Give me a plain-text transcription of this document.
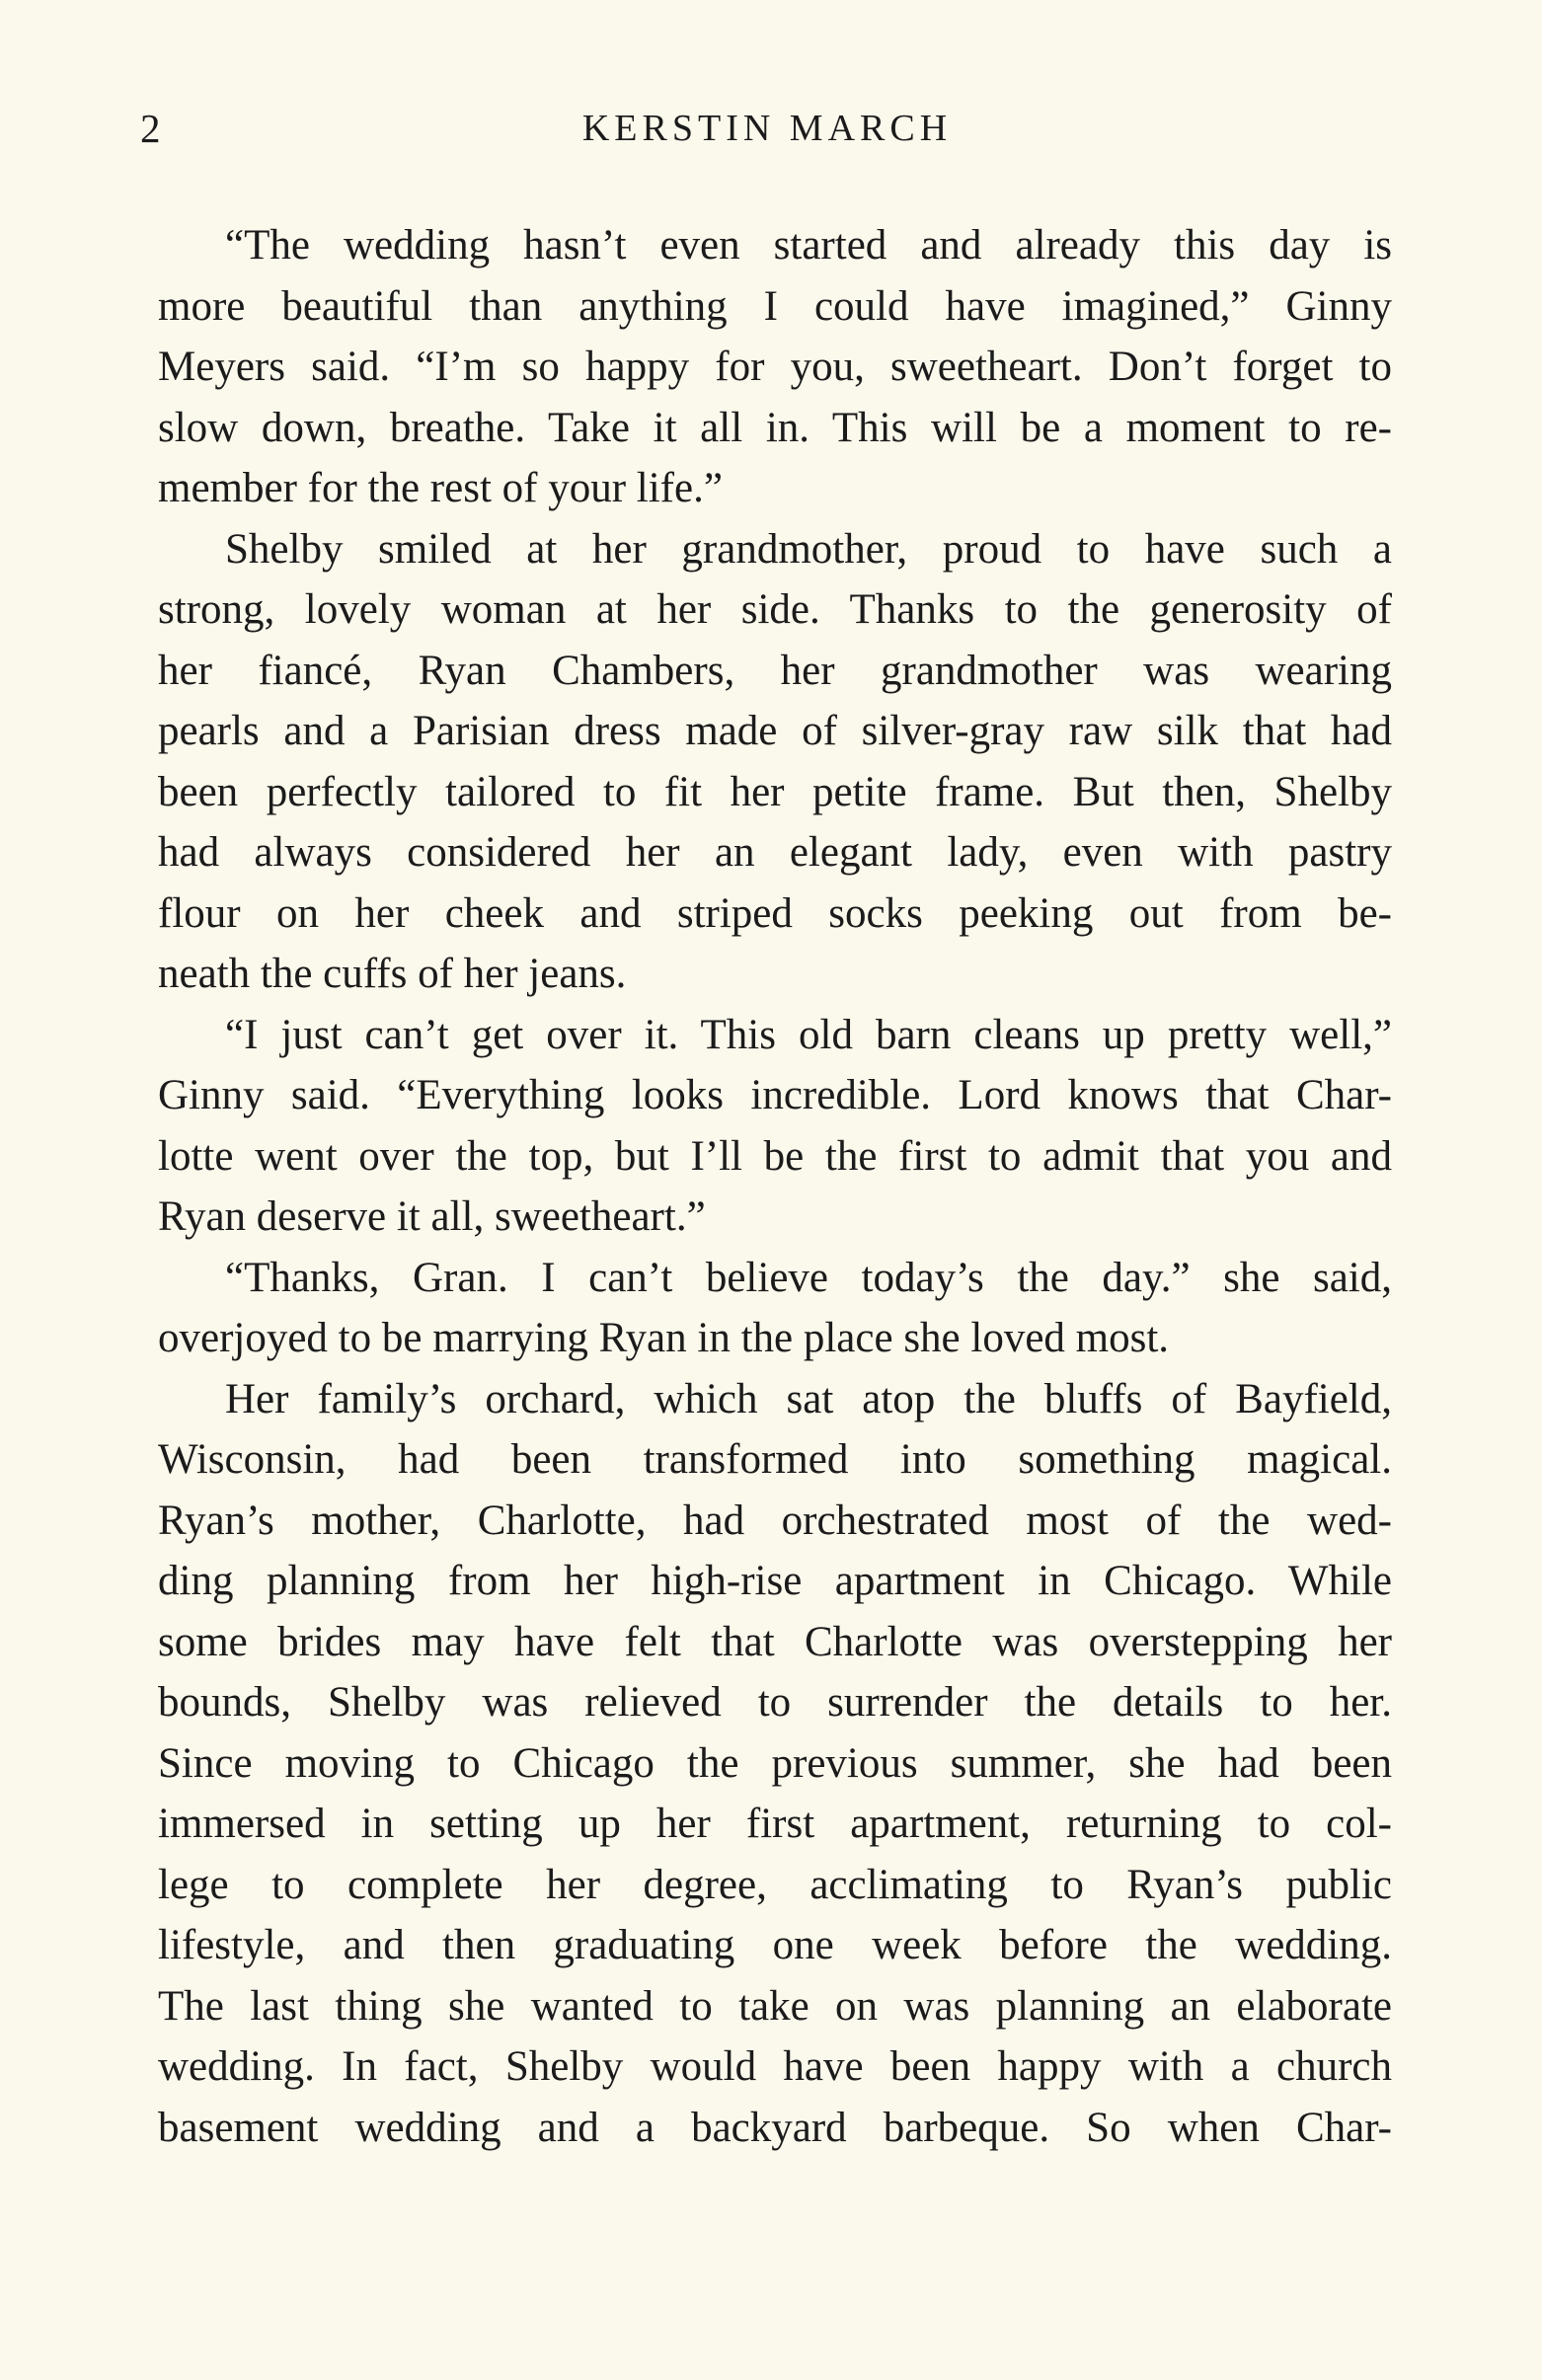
2	KERSTIN MARCH
“The wedding hasn’t even started and already this day is
more beautiful than anything I could have imagined,” Ginny
Meyers said. “I’m so happy for you, sweetheart. Don’t forget to
slow down, breathe. Take it all in. This will be a moment to re-
member for the rest of your life.”
Shelby smiled at her grandmother, proud to have such a
strong, lovely woman at her side. Thanks to the generosity of
her fiancé, Ryan Chambers, her grandmother was wearing
pearls and a Parisian dress made of silver-gray raw silk that had
been perfectly tailored to fit her petite frame. But then, Shelby
had always considered her an elegant lady, even with pastry
flour on her cheek and striped socks peeking out from be-
neath the cuffs of her jeans.
“I just can’t get over it. This old barn cleans up pretty well,”
Ginny said. “Everything looks incredible. Lord knows that Char-
lotte went over the top, but I’ll be the first to admit that you and
Ryan deserve it all, sweetheart.”
“Thanks, Gran. I can’t believe today’s the day.” she said,
overjoyed to be marrying Ryan in the place she loved most.
Her family’s orchard, which sat atop the bluffs of Bayfield,
Wisconsin, had been transformed into something magical.
Ryan’s mother, Charlotte, had orchestrated most of the wed-
ding planning from her high-rise apartment in Chicago. While
some brides may have felt that Charlotte was overstepping her
bounds, Shelby was relieved to surrender the details to her.
Since moving to Chicago the previous summer, she had been
immersed in setting up her first apartment, returning to col-
lege to complete her degree, acclimating to Ryan’s public
lifestyle, and then graduating one week before the wedding.
The last thing she wanted to take on was planning an elaborate
wedding. In fact, Shelby would have been happy with a church
basement wedding and a backyard barbeque. So when Char-
